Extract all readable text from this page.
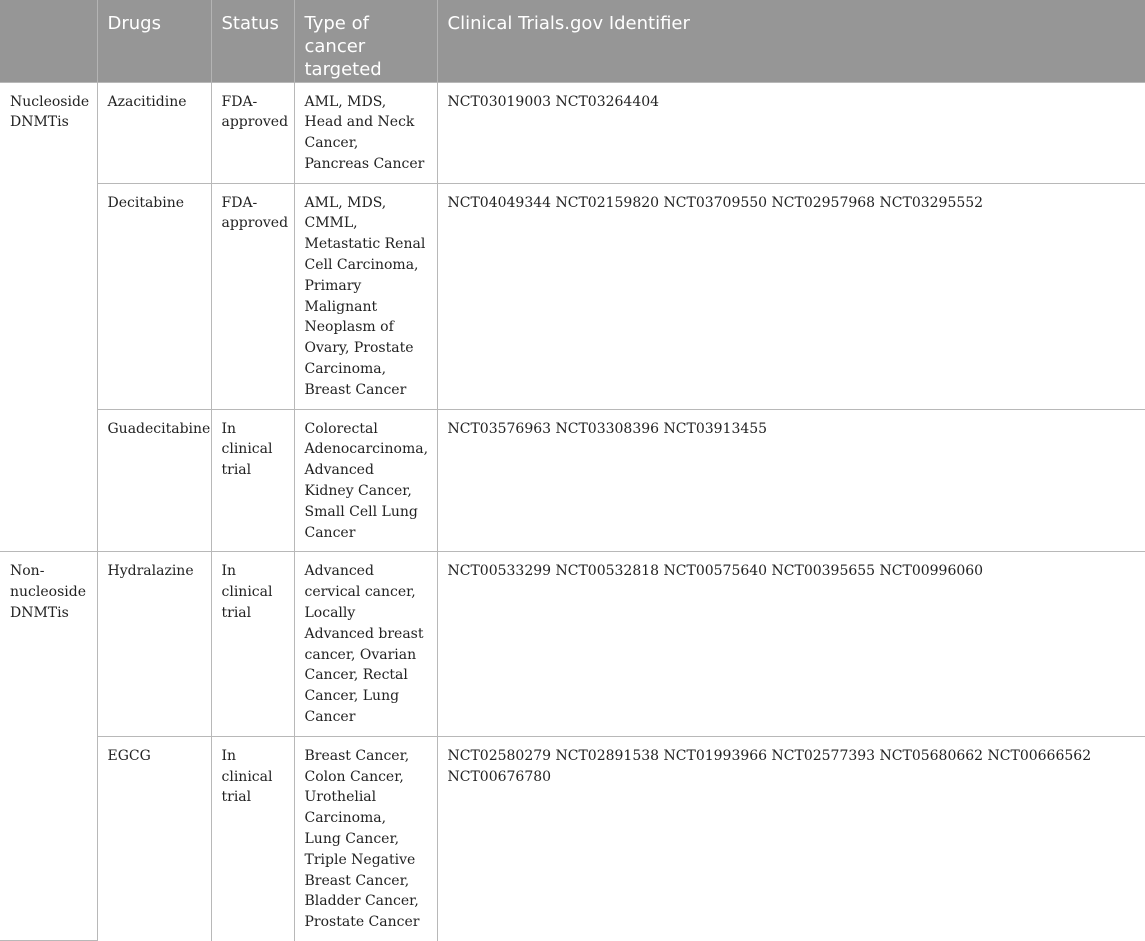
	Drugs	Status	Type of cancer targeted	Clinical Trials.gov Identifier
Nucleoside DNMTis	Azacitidine	FDA-approved	AML, MDS, Head and Neck Cancer, Pancreas Cancer	NCT03019003 NCT03264404
	Decitabine	FDA-approved	AML, MDS, CMML, Metastatic Renal Cell Carcinoma, Primary Malignant Neoplasm of Ovary, Prostate Carcinoma, Breast Cancer	NCT04049344 NCT02159820 NCT03709550 NCT02957968 NCT03295552
	Guadecitabine	In clinical trial	Colorectal Adenocarcinoma, Advanced Kidney Cancer, Small Cell Lung Cancer	NCT03576963 NCT03308396 NCT03913455
Non-nucleoside DNMTis	Hydralazine	In clinical trial	Advanced cervical cancer, Locally Advanced breast cancer, Ovarian Cancer, Rectal Cancer, Lung Cancer	NCT00533299 NCT00532818 NCT00575640 NCT00395655 NCT00996060
	EGCG	In clinical trial	Breast Cancer, Colon Cancer, Urothelial Carcinoma, Lung Cancer, Triple Negative Breast Cancer, Bladder Cancer, Prostate Cancer	NCT02580279 NCT02891538 NCT01993966 NCT02577393 NCT05680662 NCT00666562 NCT00676780
